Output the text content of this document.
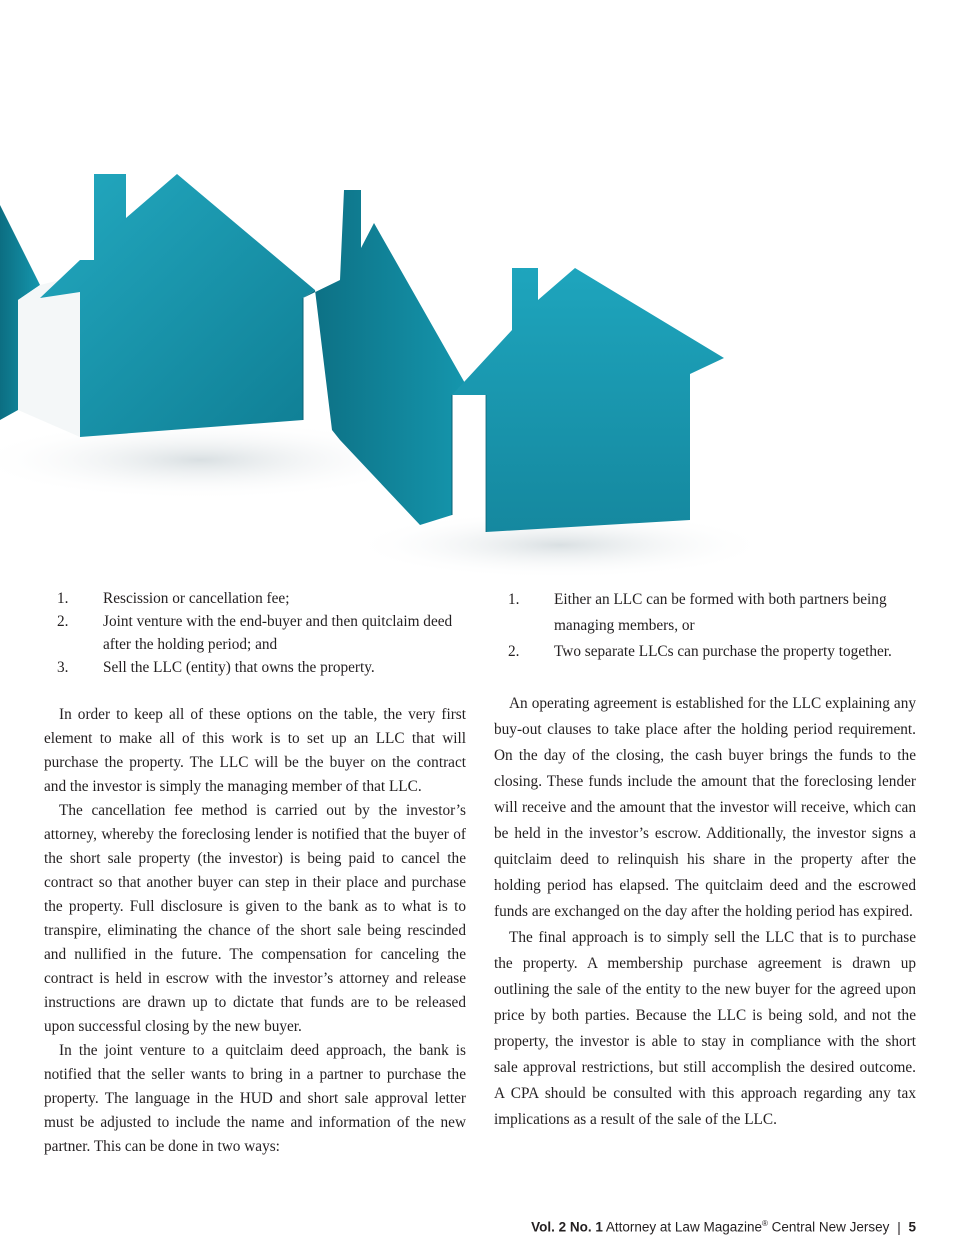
1. Rescission or cancellation fee;
2. Joint venture with the end-buyer and then quitclaim deed after the holding period; and
3. Sell the LLC (entity) that owns the property.

In order to keep all of these options on the table, the very first element to make all of this work is to set up an LLC that will purchase the property. The LLC will be the buyer on the contract and the investor is simply the managing member of that LLC.

The cancellation fee method is carried out by the investor’s attorney, whereby the foreclosing lender is notified that the buyer of the short sale property (the investor) is being paid to cancel the contract so that another buyer can step in their place and purchase the property. Full disclosure is given to the bank as to what is to transpire, eliminating the chance of the short sale being rescinded and nullified in the future. The compensation for canceling the contract is held in escrow with the investor’s attorney and release instructions are drawn up to dictate that funds are to be released upon successful closing by the new buyer.

In the joint venture to a quitclaim deed approach, the bank is notified that the seller wants to bring in a partner to purchase the property. The language in the HUD and short sale approval letter must be adjusted to include the name and information of the new partner. This can be done in two ways:

1. Either an LLC can be formed with both partners being managing members, or
2. Two separate LLCs can purchase the property together.

An operating agreement is established for the LLC explaining any buy-out clauses to take place after the holding period requirement. On the day of the closing, the cash buyer brings the funds to the closing. These funds include the amount that the foreclosing lender will receive and the amount that the investor will receive, which can be held in the investor’s escrow. Additionally, the investor signs a quitclaim deed to relinquish his share in the property after the holding period has elapsed. The quitclaim deed and the escrowed funds are exchanged on the day after the holding period has expired.

The final approach is to simply sell the LLC that is to purchase the property. A membership purchase agreement is drawn up outlining the sale of the entity to the new buyer for the agreed upon price by both parties. Because the LLC is being sold, and not the property, the investor is able to stay in compliance with the short sale approval restrictions, but still accomplish the desired outcome. A CPA should be consulted with this approach regarding any tax implications as a result of the sale of the LLC.

Vol. 2 No. 1 Attorney at Law Magazine® Central New Jersey | 5
